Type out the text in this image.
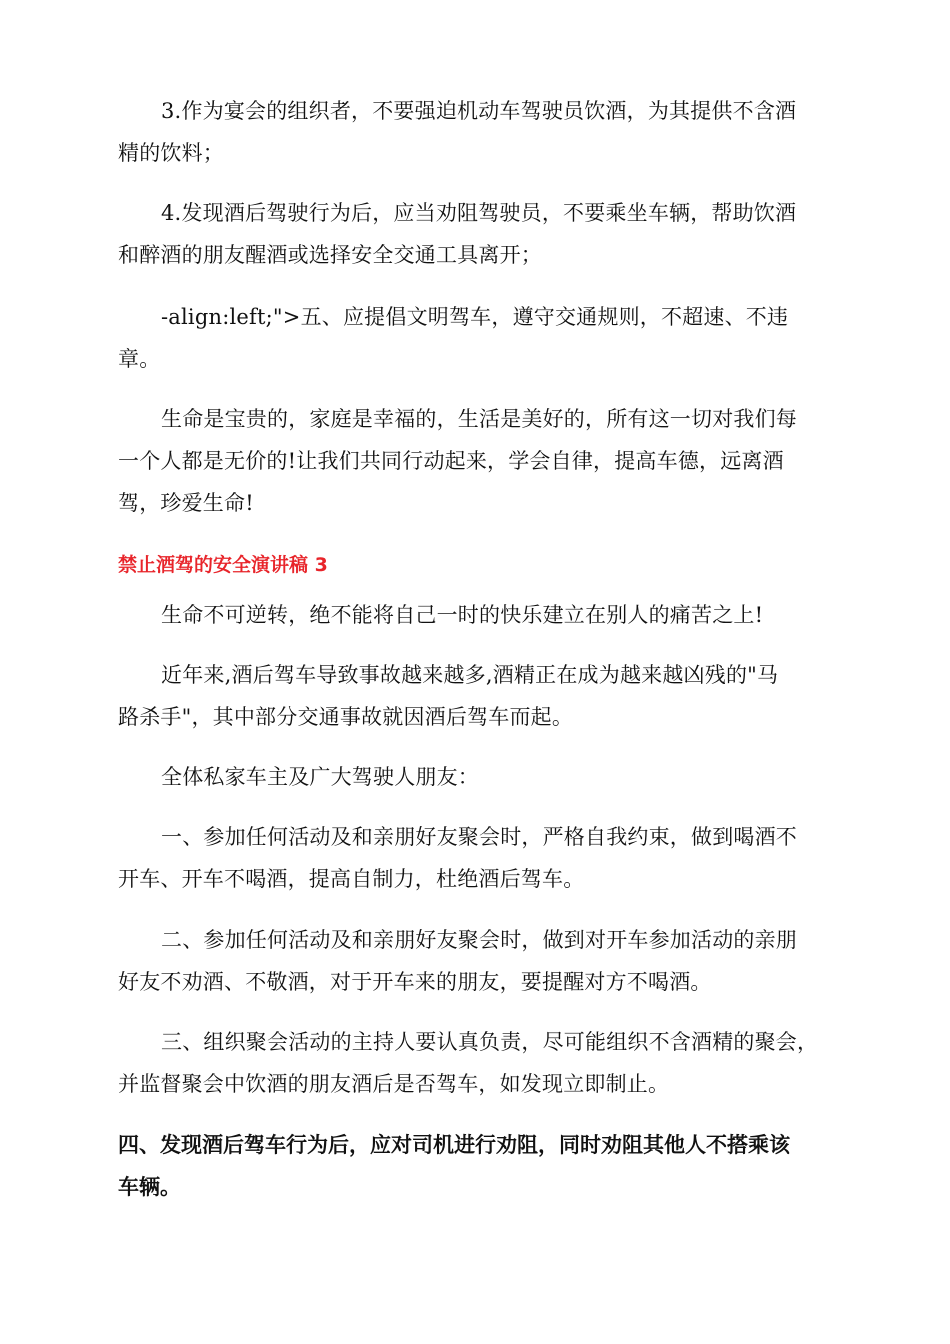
3.作为宴会的组织者，不要强迫机动车驾驶员饮酒，为其提供不含酒
精的饮料；
4.发现酒后驾驶行为后，应当劝阻驾驶员，不要乘坐车辆，帮助饮酒
和醉酒的朋友醒酒或选择安全交通工具离开；
-align:left;">五、应提倡文明驾车，遵守交通规则，不超速、不违
章。
生命是宝贵的，家庭是幸福的，生活是美好的，所有这一切对我们每
一个人都是无价的!让我们共同行动起来，学会自律，提高车德，远离酒
驾，珍爱生命!
禁止酒驾的安全演讲稿 3
生命不可逆转，绝不能将自己一时的快乐建立在别人的痛苦之上!
近年来,酒后驾车导致事故越来越多,酒精正在成为越来越凶残的"马
路杀手"，其中部分交通事故就因酒后驾车而起。
全体私家车主及广大驾驶人朋友：
一、参加任何活动及和亲朋好友聚会时，严格自我约束，做到喝酒不
开车、开车不喝酒，提高自制力，杜绝酒后驾车。
二、参加任何活动及和亲朋好友聚会时，做到对开车参加活动的亲朋
好友不劝酒、不敬酒，对于开车来的朋友，要提醒对方不喝酒。
三、组织聚会活动的主持人要认真负责，尽可能组织不含酒精的聚会，
并监督聚会中饮酒的朋友酒后是否驾车，如发现立即制止。
四、发现酒后驾车行为后，应对司机进行劝阻，同时劝阻其他人不搭乘该
车辆。
